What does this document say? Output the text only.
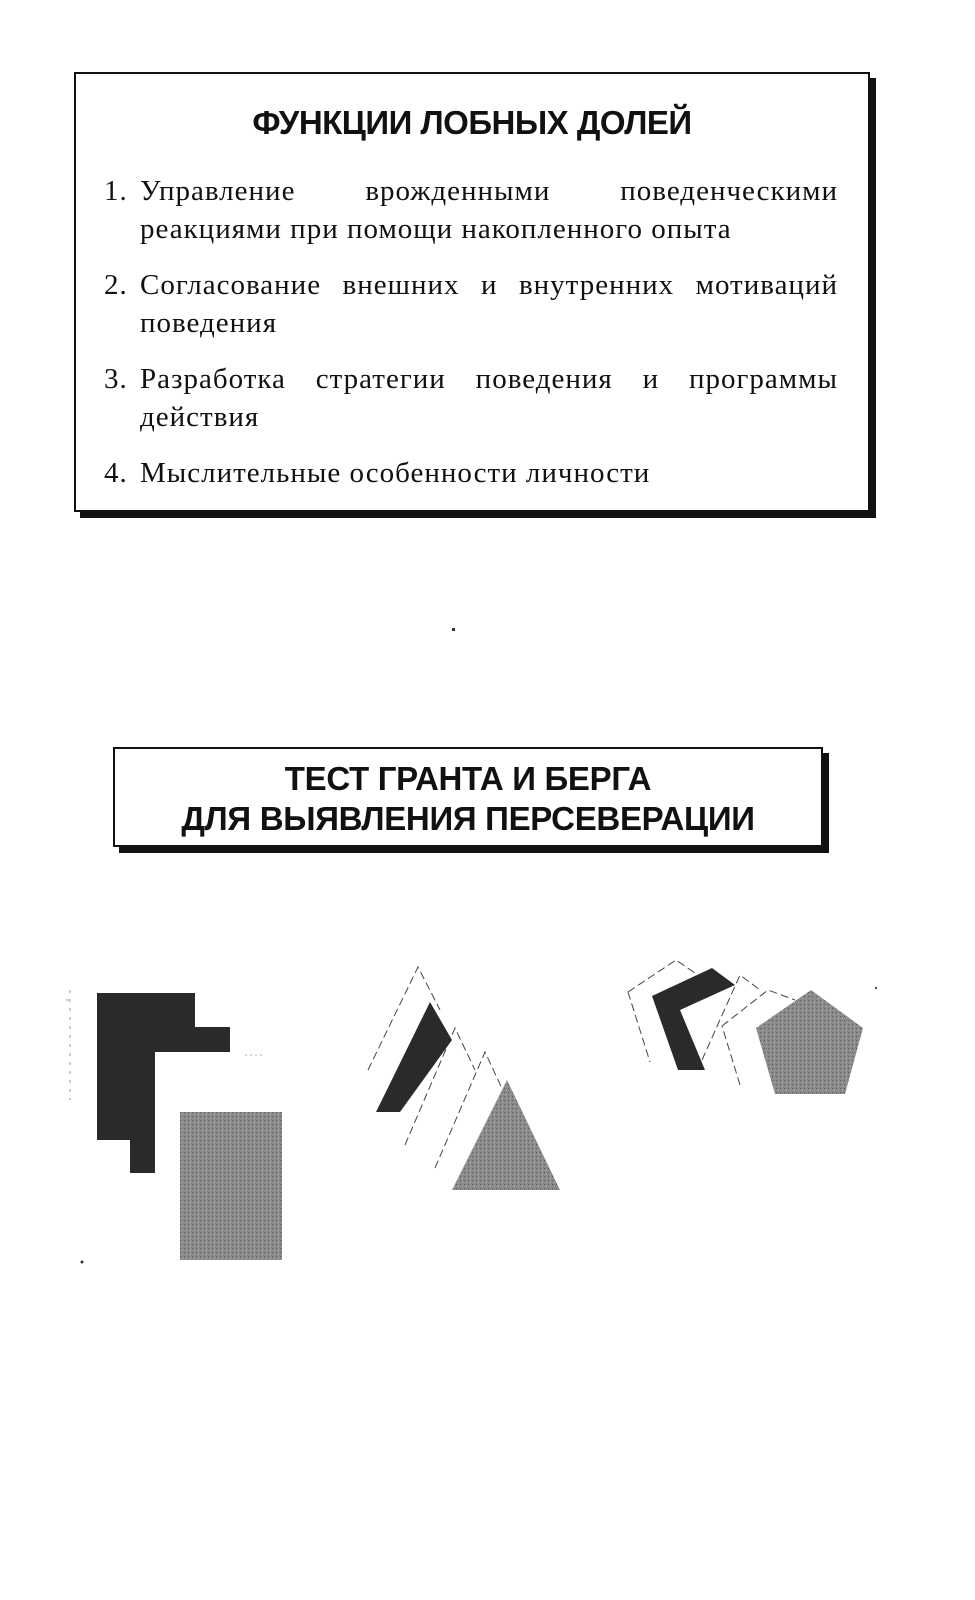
ФУНКЦИИ ЛОБНЫХ ДОЛЕЙ
1. Управление врожденными поведенческими реакциями при помощи накопленного опыта
2. Согласование внешних и внутренних мотиваций поведения
3. Разработка стратегии поведения и программы действия
4. Мыслительные особенности личности
ТЕСТ ГРАНТА И БЕРГА
ДЛЯ ВЫЯВЛЕНИЯ ПЕРСЕВЕРАЦИИ
